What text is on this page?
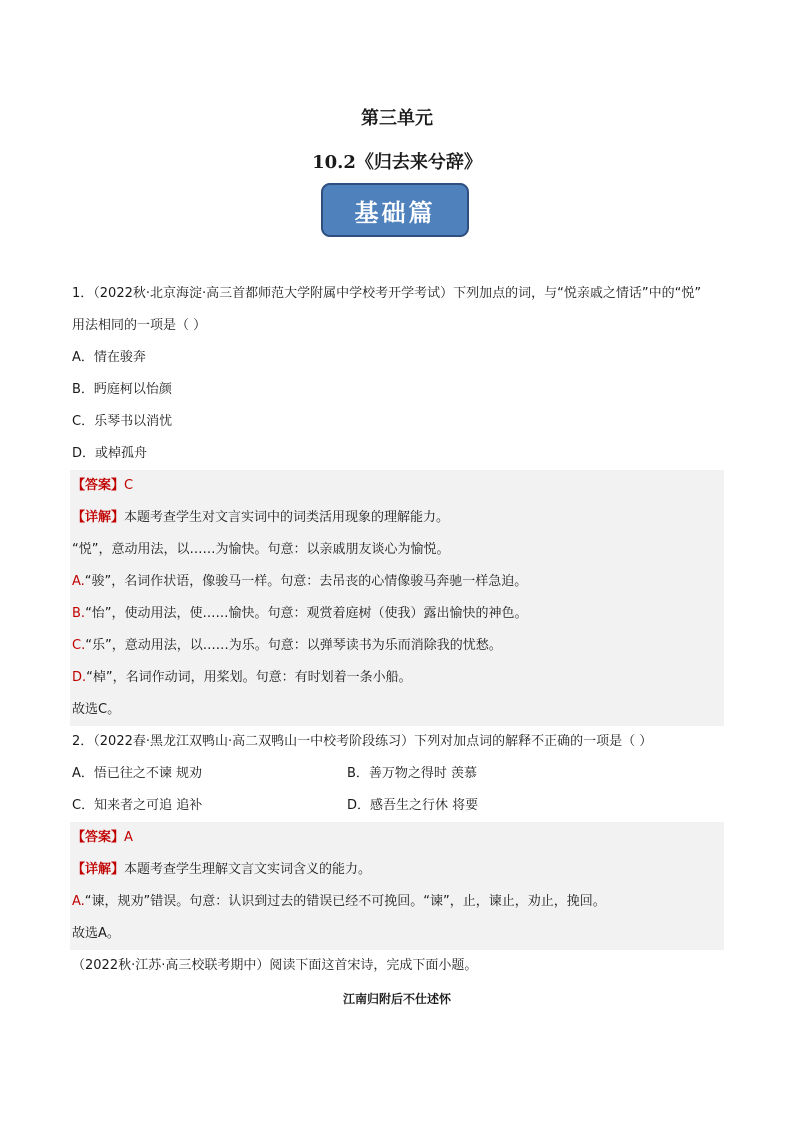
第三单元
10.2《归去来兮辞》
基础篇
1．（2022秋·北京海淀·高三首都师范大学附属中学校考开学考试）下列加点的词，与“悦亲戚之情话”中的“悦”
用法相同的一项是（ ）
A．情在骏奔
B．眄庭柯以怡颜
C．乐琴书以消忧
D．或棹孤舟
【答案】C
【详解】本题考查学生对文言实词中的词类活用现象的理解能力。
“悦”，意动用法，以……为愉快。句意：以亲戚朋友谈心为愉悦。
A.“骏”，名词作状语，像骏马一样。句意：去吊丧的心情像骏马奔驰一样急迫。
B.“怡”，使动用法，使……愉快。句意：观赏着庭树（使我）露出愉快的神色。
C.“乐”，意动用法，以……为乐。句意：以弹琴读书为乐而消除我的忧愁。
D.“棹”，名词作动词，用桨划。句意：有时划着一条小船。
故选C。
2．（2022春·黑龙江双鸭山·高二双鸭山一中校考阶段练习）下列对加点词的解释不正确的一项是（ ）
A．悟已往之不谏 规劝	B．善万物之得时 羡慕
C．知来者之可追 追补	D．感吾生之行休 将要
【答案】A
【详解】本题考查学生理解文言文实词含义的能力。
A.“谏，规劝”错误。句意：认识到过去的错误已经不可挽回。“谏”，止，谏止，劝止，挽回。
故选A。
（2022秋·江苏·高三校联考期中）阅读下面这首宋诗，完成下面小题。
江南归附后不仕述怀
